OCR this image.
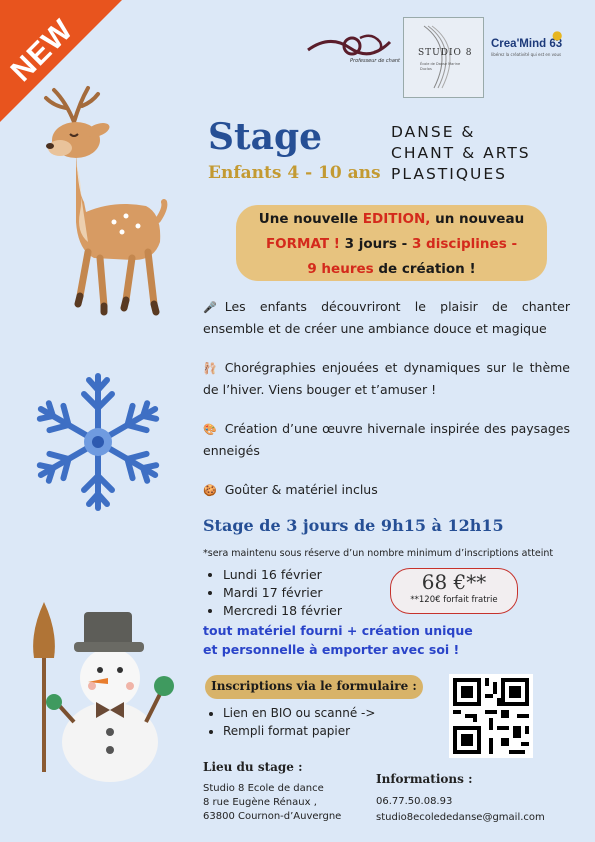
NEW	Professeur de chant
STUDIO 8
École de Danse Marine Duclos
Crea'Mind 63
libérez la créativité qui est en vous
●
Stage
Enfants 4 - 10 ans
DANSE &
CHANT & ARTS
PLASTIQUES
Une nouvelle EDITION, un nouveau
FORMAT ! 3 jours - 3 disciplines -
9 heures de création !
🎤 Les enfants découvriront le plaisir de chanter ensemble et de créer une ambiance douce et magique
🩰 Chorégraphies enjouées et dynamiques sur le thème de l’hiver. Viens bouger et t’amuser !
🎨 Création d’une œuvre hivernale inspirée des paysages enneigés
🍪 Goûter & matériel inclus
Stage de 3 jours de 9h15 à 12h15
*sera maintenu sous réserve d’un nombre minimum d’inscriptions atteint
• Lundi 16 février
• Mardi 17 février
• Mercredi 18 février
68 €**
**120€ forfait fratrie
tout matériel fourni + création unique
et personnelle à emporter avec soi !
Inscriptions via le formulaire :
• Lien en BIO ou scanné ->
• Rempli format papier
Lieu du stage :
Studio 8 Ecole de dance
8 rue Eugène Rénaux ,
63800 Cournon-d’Auvergne
Informations :
06.77.50.08.93
studio8ecolededanse@gmail.com
